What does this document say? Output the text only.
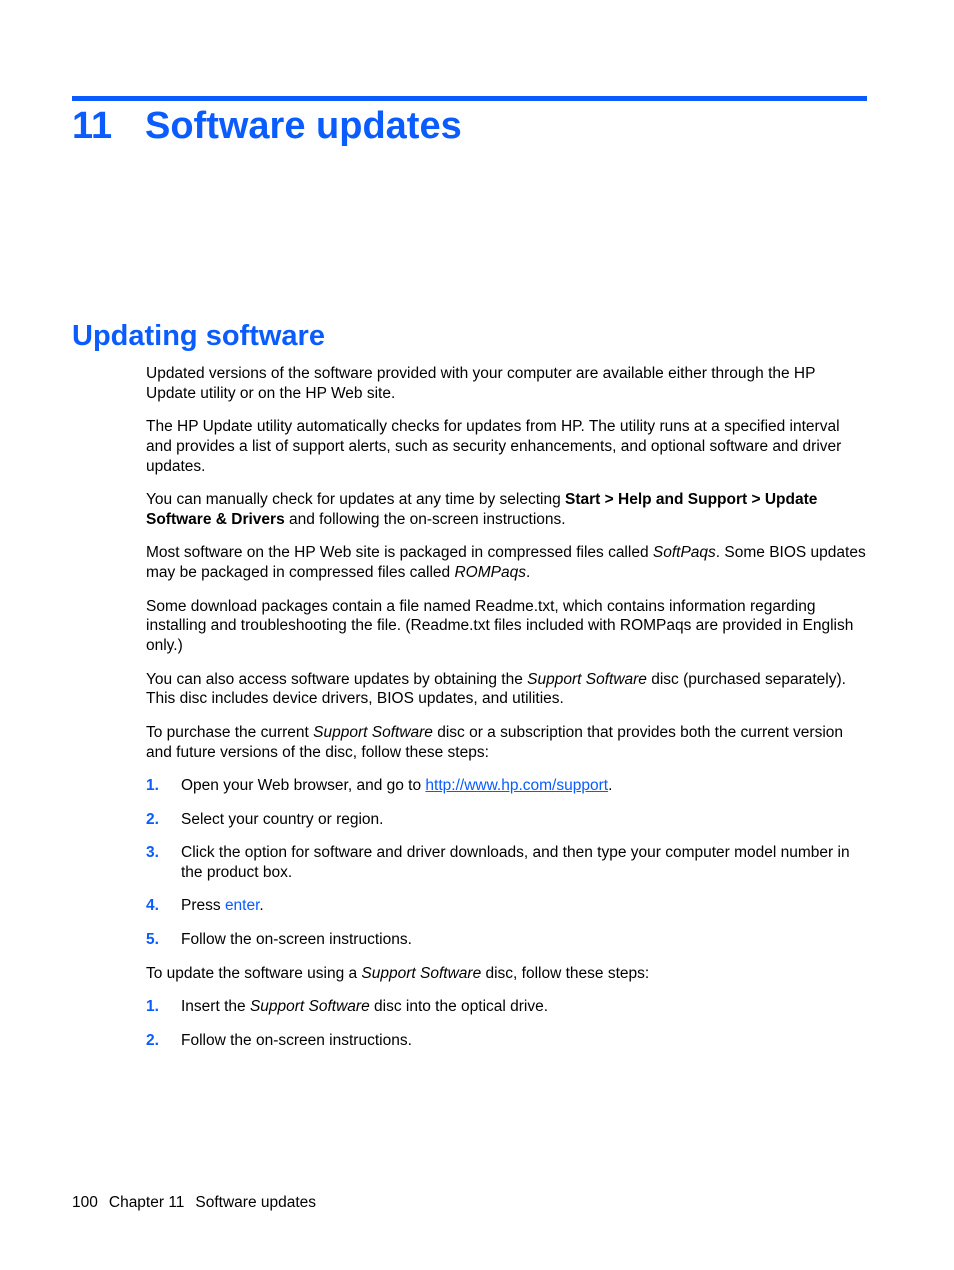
11 Software updates
Updating software

Updated versions of the software provided with your computer are available either through the HP Update utility or on the HP Web site.

The HP Update utility automatically checks for updates from HP. The utility runs at a specified interval and provides a list of support alerts, such as security enhancements, and optional software and driver updates.

You can manually check for updates at any time by selecting Start > Help and Support > Update Software & Drivers and following the on-screen instructions.

Most software on the HP Web site is packaged in compressed files called SoftPaqs. Some BIOS updates may be packaged in compressed files called ROMPaqs.

Some download packages contain a file named Readme.txt, which contains information regarding installing and troubleshooting the file. (Readme.txt files included with ROMPaqs are provided in English only.)

You can also access software updates by obtaining the Support Software disc (purchased separately). This disc includes device drivers, BIOS updates, and utilities.

To purchase the current Support Software disc or a subscription that provides both the current version and future versions of the disc, follow these steps:

1. Open your Web browser, and go to http://www.hp.com/support.
2. Select your country or region.
3. Click the option for software and driver downloads, and then type your computer model number in the product box.
4. Press enter.
5. Follow the on-screen instructions.

To update the software using a Support Software disc, follow these steps:

1. Insert the Support Software disc into the optical drive.
2. Follow the on-screen instructions.
100 Chapter 11 Software updates
